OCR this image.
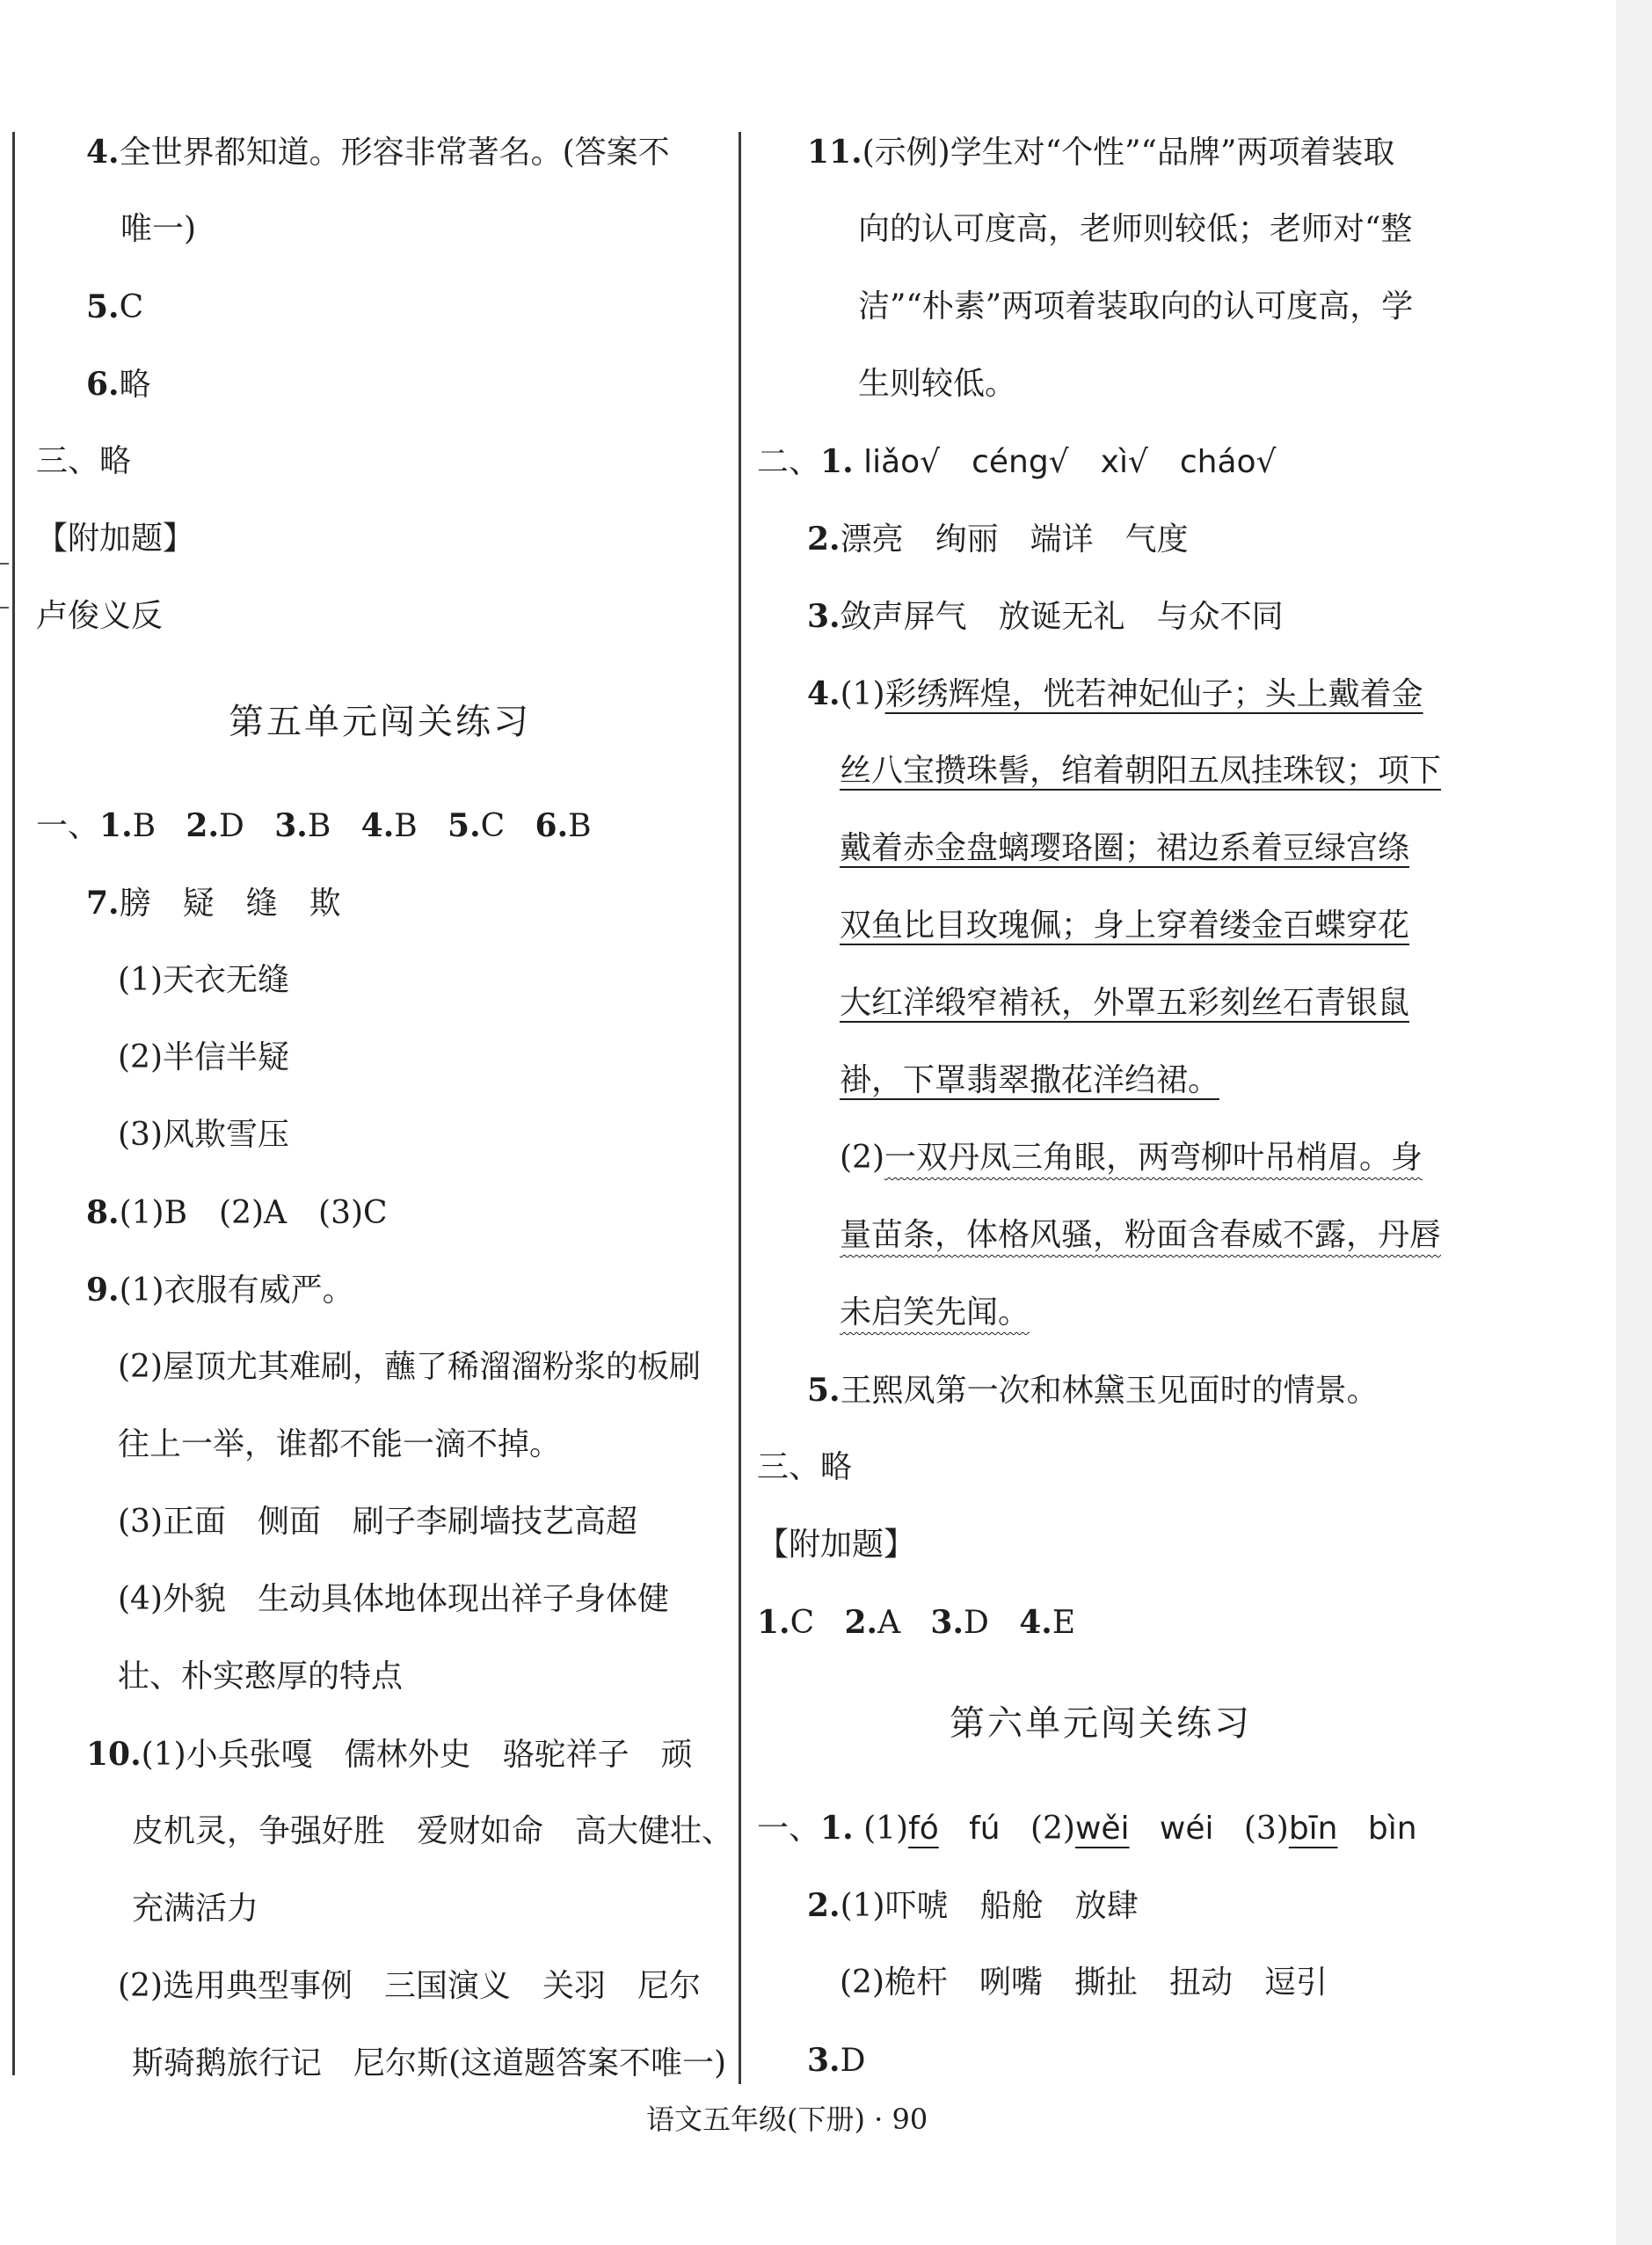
4.全世界都知道。形容非常著名。(答案不
唯一)
5.C
6.略
三、略
【附加题】
卢俊义反
第五单元闯关练习
一、1.B 2.D 3.B 4.B 5.C 6.B
7.膀　疑　缝　欺
(1)天衣无缝
(2)半信半疑
(3)风欺雪压
8.(1)B　(2)A　(3)C
9.(1)衣服有威严。
(2)屋顶尤其难刷，蘸了稀溜溜粉浆的板刷
往上一举，谁都不能一滴不掉。
(3)正面　侧面　刷子李刷墙技艺高超
(4)外貌　生动具体地体现出祥子身体健
壮、朴实憨厚的特点
10.(1)小兵张嘎　儒林外史　骆驼祥子　顽
皮机灵，争强好胜　爱财如命　高大健壮、
充满活力
(2)选用典型事例　三国演义　关羽　尼尔
斯骑鹅旅行记　尼尔斯(这道题答案不唯一)
11.(示例)学生对“个性”“品牌”两项着装取
向的认可度高，老师则较低；老师对“整
洁”“朴素”两项着装取向的认可度高，学
生则较低。
二、1. liǎo√　céng√　xì√　cháo√
2.漂亮　绚丽　端详　气度
3.敛声屏气　放诞无礼　与众不同
4.(1)彩绣辉煌，恍若神妃仙子；头上戴着金
丝八宝攒珠髻，绾着朝阳五凤挂珠钗；项下
戴着赤金盘螭璎珞圈；裙边系着豆绿宫绦
双鱼比目玫瑰佩；身上穿着缕金百蝶穿花
大红洋缎窄褃袄，外罩五彩刻丝石青银鼠
褂，下罩翡翠撒花洋绉裙。
(2)一双丹凤三角眼，两弯柳叶吊梢眉。身
量苗条，体格风骚，粉面含春威不露，丹唇
未启笑先闻。
5.王熙凤第一次和林黛玉见面时的情景。
三、略
【附加题】
1.C 2.A 3.D 4.E
第六单元闯关练习
一、1. (1)fó fú (2)wěi wéi (3)bīn bìn
2.(1)吓唬　船舱　放肆
(2)桅杆　咧嘴　撕扯　扭动　逗引
3.D
语文五年级(下册) · 90
